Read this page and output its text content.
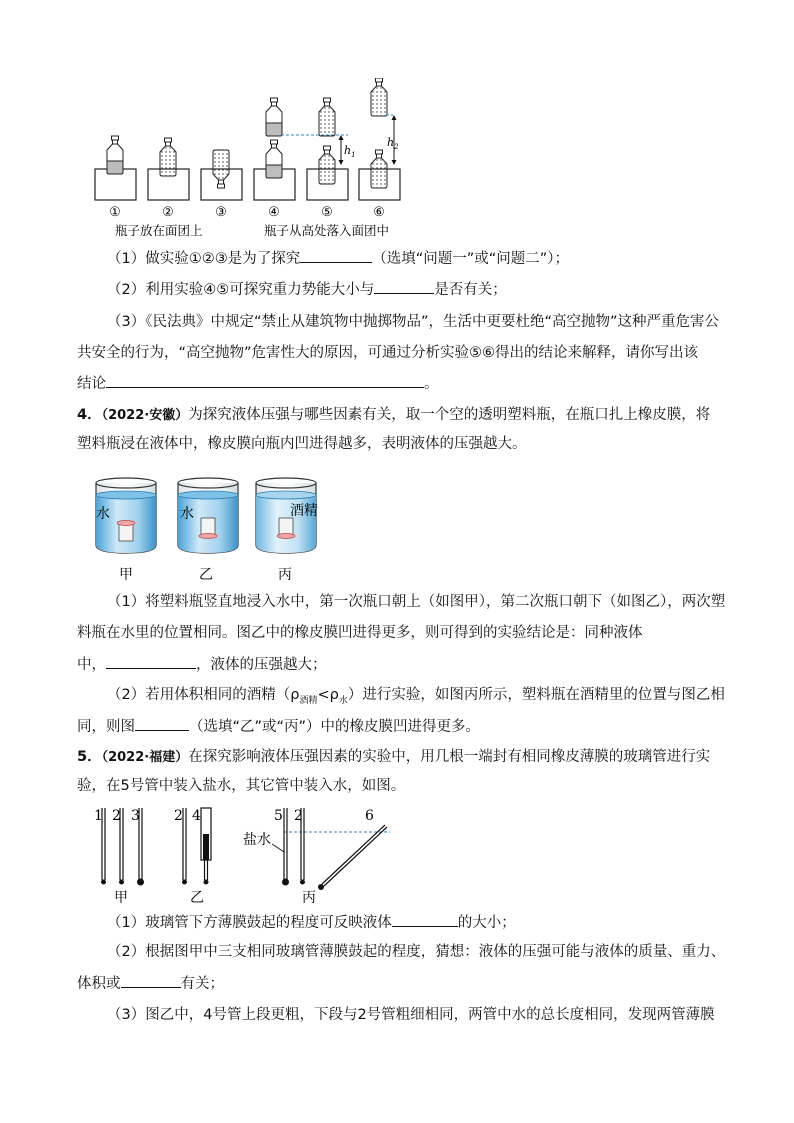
$h_1$
$h_2$
①	②	③	④	⑤	⑥
瓶子放在面团上	瓶子从高处落入面团中
（1）做实验①②③是为了探究	（选填“问题一”或“问题二”）；
（2）利用实验④⑤可探究重力势能大小与	是否有关；
（3）《民法典》中规定“禁止从建筑物中抛掷物品”，生活中更要杜绝“高空抛物”这种严重危害公
共安全的行为，“高空抛物”危害性大的原因，可通过分析实验⑤⑥得出的结论来解释，请你写出该
结论	。
4．（2022·安徽）为探究液体压强与哪些因素有关，取一个空的透明塑料瓶，在瓶口扎上橡皮膜，将
塑料瓶浸在液体中，橡皮膜向瓶内凹进得越多，表明液体的压强越大。
水	水	酒精
甲	乙	丙
（1）将塑料瓶竖直地浸入水中，第一次瓶口朝上（如图甲），第二次瓶口朝下（如图乙），两次塑
料瓶在水里的位置相同。图乙中的橡皮膜凹进得更多，则可得到的实验结论是：同种液体
中，	，液体的压强越大；
（2）若用体积相同的酒精$(\rho_{酒精}<\rho_水)$进行实验，如图丙所示，塑料瓶在酒精里的位置与图乙相
同，则图	（选填“乙”或“丙”）中的橡皮膜凹进得更多。
5．（2022·福建）在探究影响液体压强因素的实验中，用几根一端封有相同橡皮薄膜的玻璃管进行实
验，在5号管中装入盐水，其它管中装入水，如图。
1 2 3
甲
2 4
乙
5 2	6
盐水
丙
（1）玻璃管下方薄膜鼓起的程度可反映液体	的大小；
（2）根据图甲中三支相同玻璃管薄膜鼓起的程度，猜想：液体的压强可能与液体的质量、重力、
体积或	有关；
（3）图乙中，4号管上段更粗，下段与2号管粗细相同，两管中水的总长度相同，发现两管薄膜
